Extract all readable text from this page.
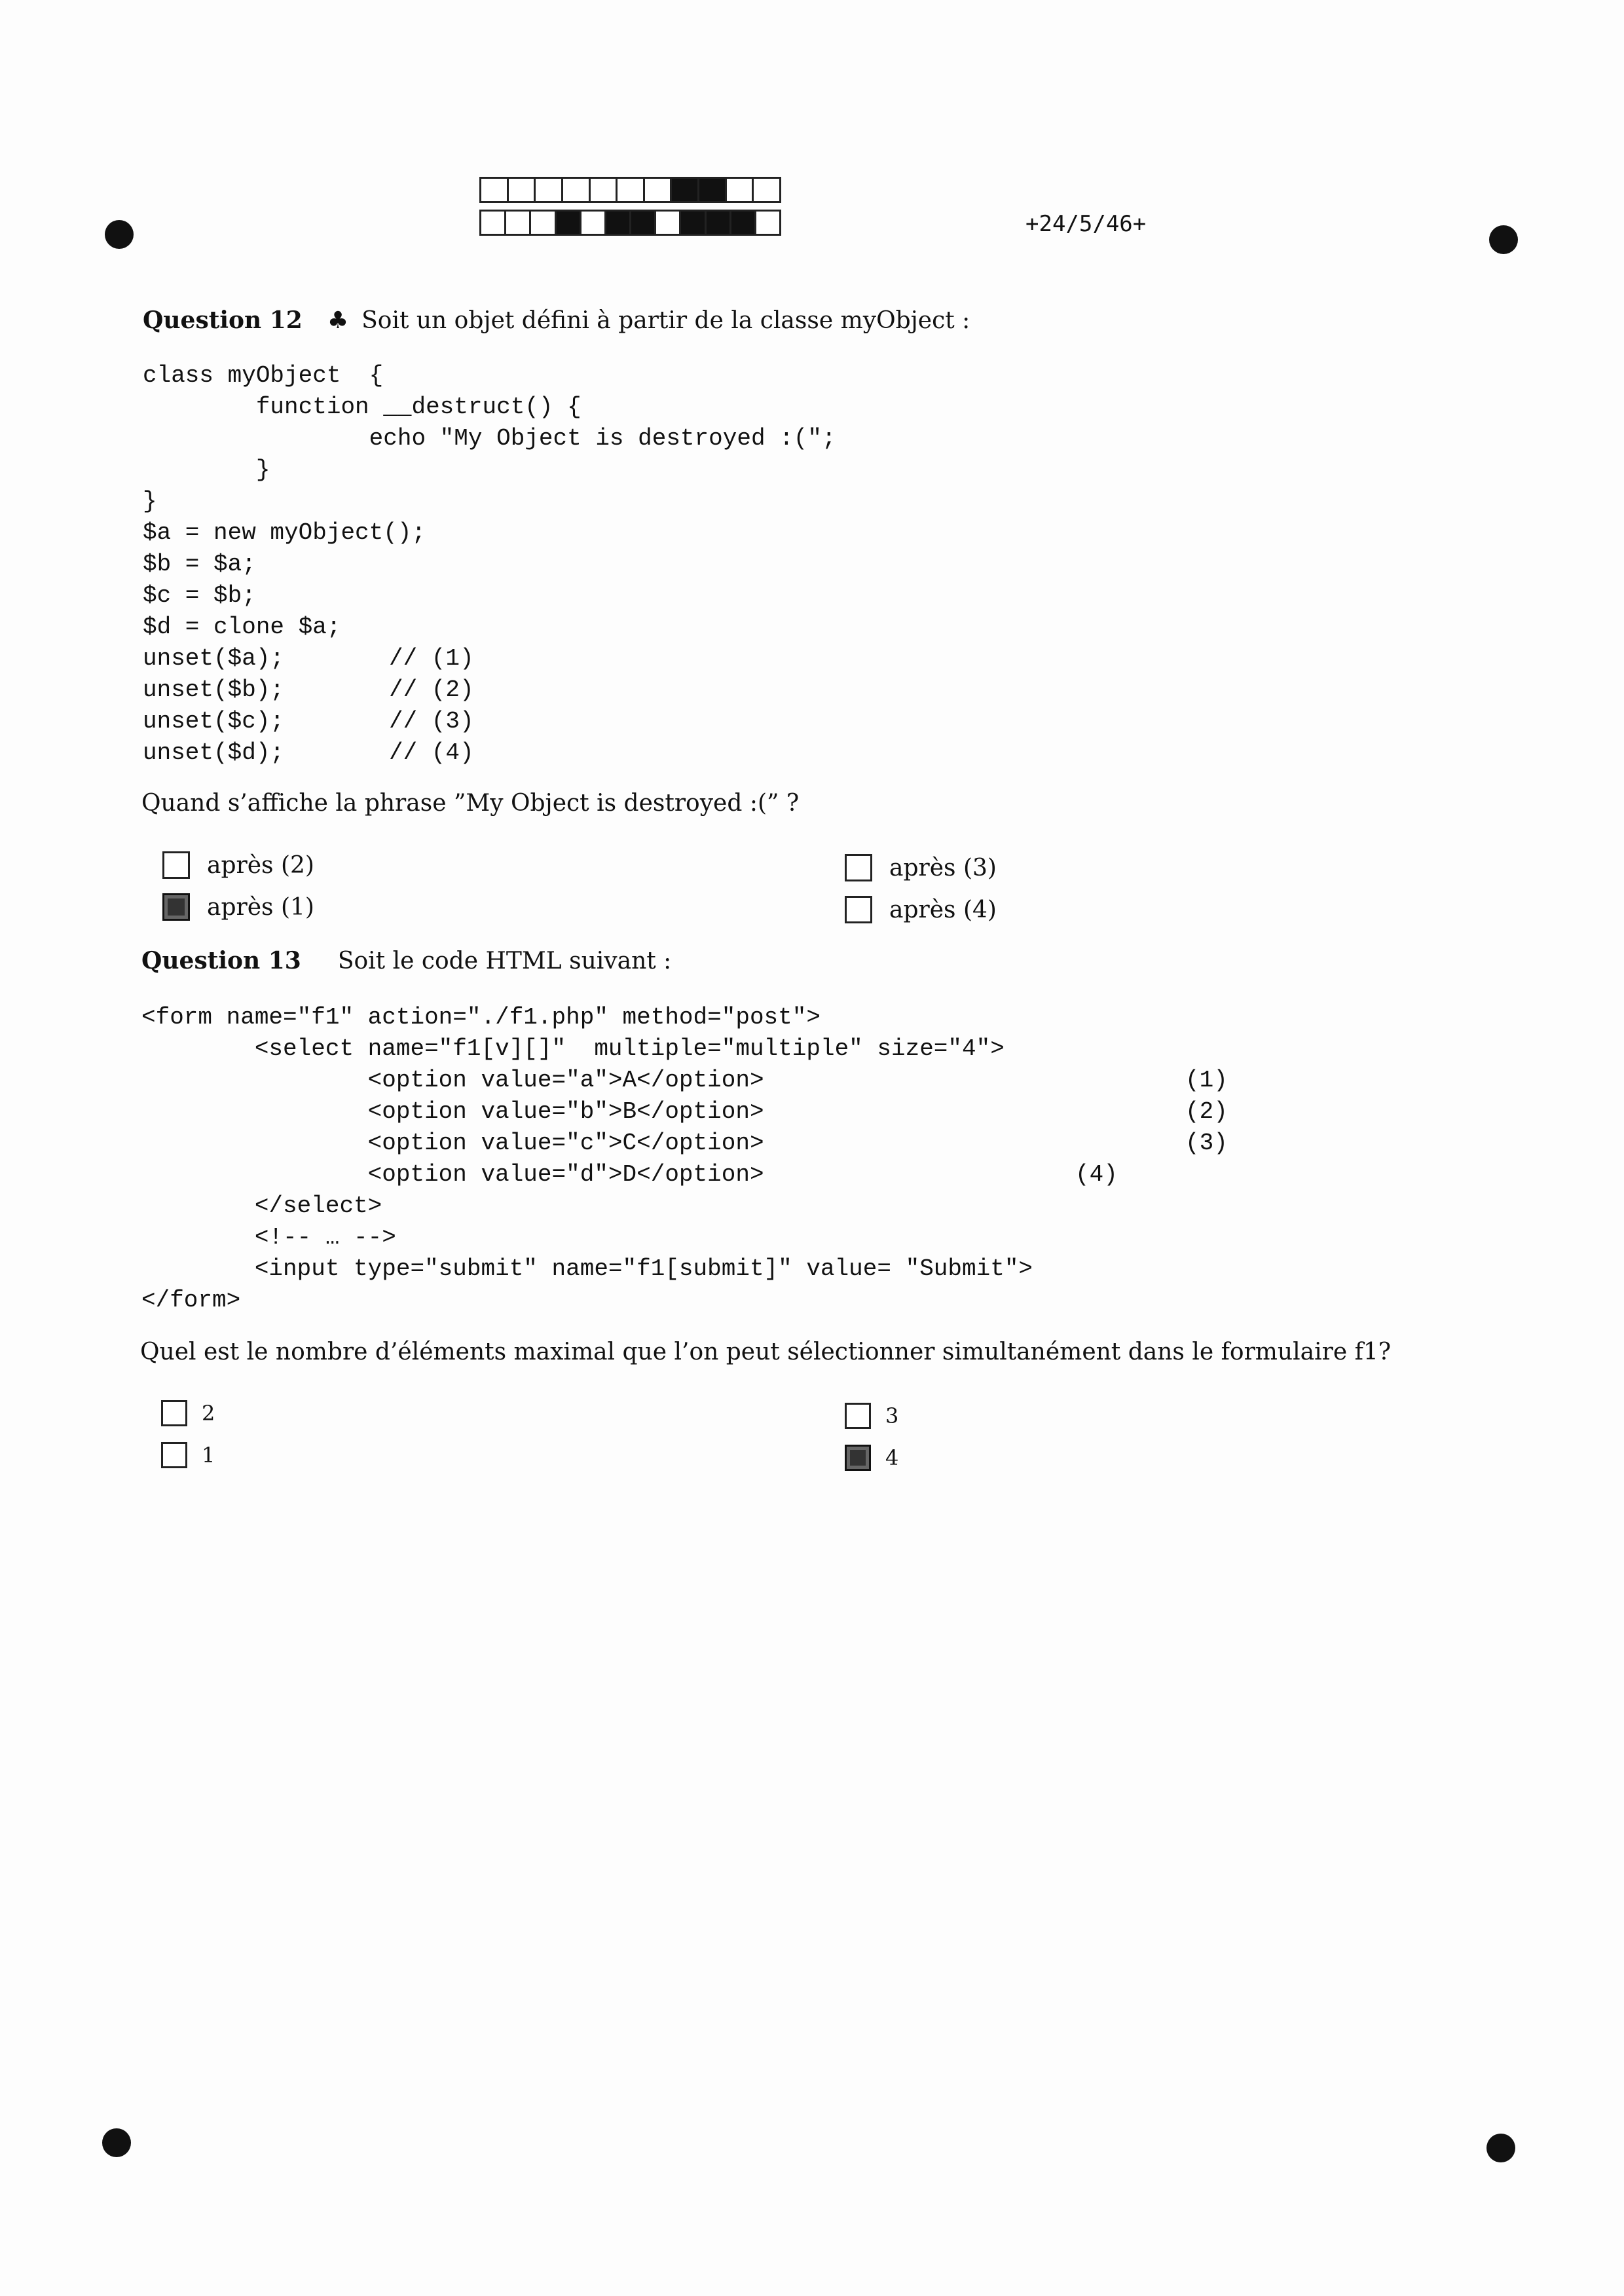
+24/5/46+
Question 12 ♣ Soit un objet défini à partir de la classe myObject :
class myObject  {
function __destruct() {
echo "My Object is destroyed :(";
}
}
$a = new myObject();
$b = $a;
$c = $b;
$d = clone $a;
unset($a);	// (1)
unset($b);	// (2)
unset($c);	// (3)
unset($d);	// (4)
Quand s’affiche la phrase ”My Object is destroyed :(” ?
après (2)	après (3)
après (1)	après (4)
Question 13 Soit le code HTML suivant :
<form name="f1" action="./f1.php" method="post">
<select name="f1[v][]"  multiple="multiple" size="4">
<option value="a">A</option>	(1)
<option value="b">B</option>	(2)
<option value="c">C</option>	(3)
<option value="d">D</option>	(4)
</select>
<!-- … -->
<input type="submit" name="f1[submit]" value= "Submit">
</form>
Quel est le nombre d’éléments maximal que l’on peut sélectionner simultanément dans le formulaire f1?
2	3
1	4
